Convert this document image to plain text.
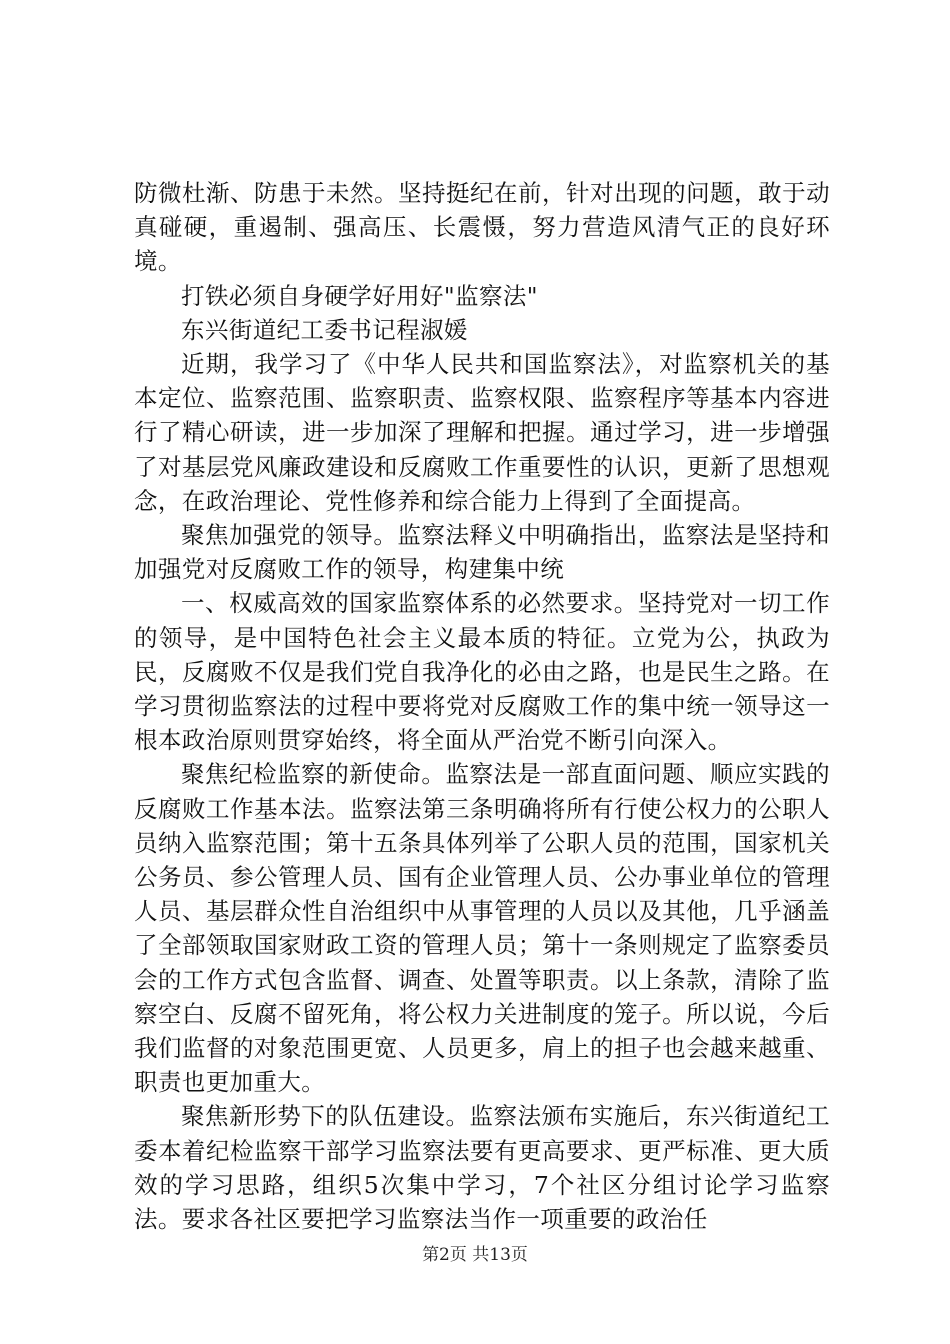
防微杜渐、防患于未然。坚持挺纪在前，针对出现的问题，敢于动真碰硬，重遏制、强高压、长震慑，努力营造风清气正的良好环境。

打铁必须自身硬学好用好"监察法"

东兴街道纪工委书记程淑媛

近期，我学习了《中华人民共和国监察法》，对监察机关的基本定位、监察范围、监察职责、监察权限、监察程序等基本内容进行了精心研读，进一步加深了理解和把握。通过学习，进一步增强了对基层党风廉政建设和反腐败工作重要性的认识，更新了思想观念，在政治理论、党性修养和综合能力上得到了全面提高。

聚焦加强党的领导。监察法释义中明确指出，监察法是坚持和加强党对反腐败工作的领导，构建集中统

一、权威高效的国家监察体系的必然要求。坚持党对一切工作的领导，是中国特色社会主义最本质的特征。立党为公，执政为民，反腐败不仅是我们党自我净化的必由之路，也是民生之路。在学习贯彻监察法的过程中要将党对反腐败工作的集中统一领导这一根本政治原则贯穿始终，将全面从严治党不断引向深入。

聚焦纪检监察的新使命。监察法是一部直面问题、顺应实践的反腐败工作基本法。监察法第三条明确将所有行使公权力的公职人员纳入监察范围；第十五条具体列举了公职人员的范围，国家机关公务员、参公管理人员、国有企业管理人员、公办事业单位的管理人员、基层群众性自治组织中从事管理的人员以及其他，几乎涵盖了全部领取国家财政工资的管理人员；第十一条则规定了监察委员会的工作方式包含监督、调查、处置等职责。以上条款，清除了监察空白、反腐不留死角，将公权力关进制度的笼子。所以说，今后我们监督的对象范围更宽、人员更多，肩上的担子也会越来越重、职责也更加重大。

聚焦新形势下的队伍建设。监察法颁布实施后，东兴街道纪工委本着纪检监察干部学习监察法要有更高要求、更严标准、更大质效的学习思路，组织5次集中学习，7个社区分组讨论学习监察法。要求各社区要把学习监察法当作一项重要的政治任

第2页 共13页
